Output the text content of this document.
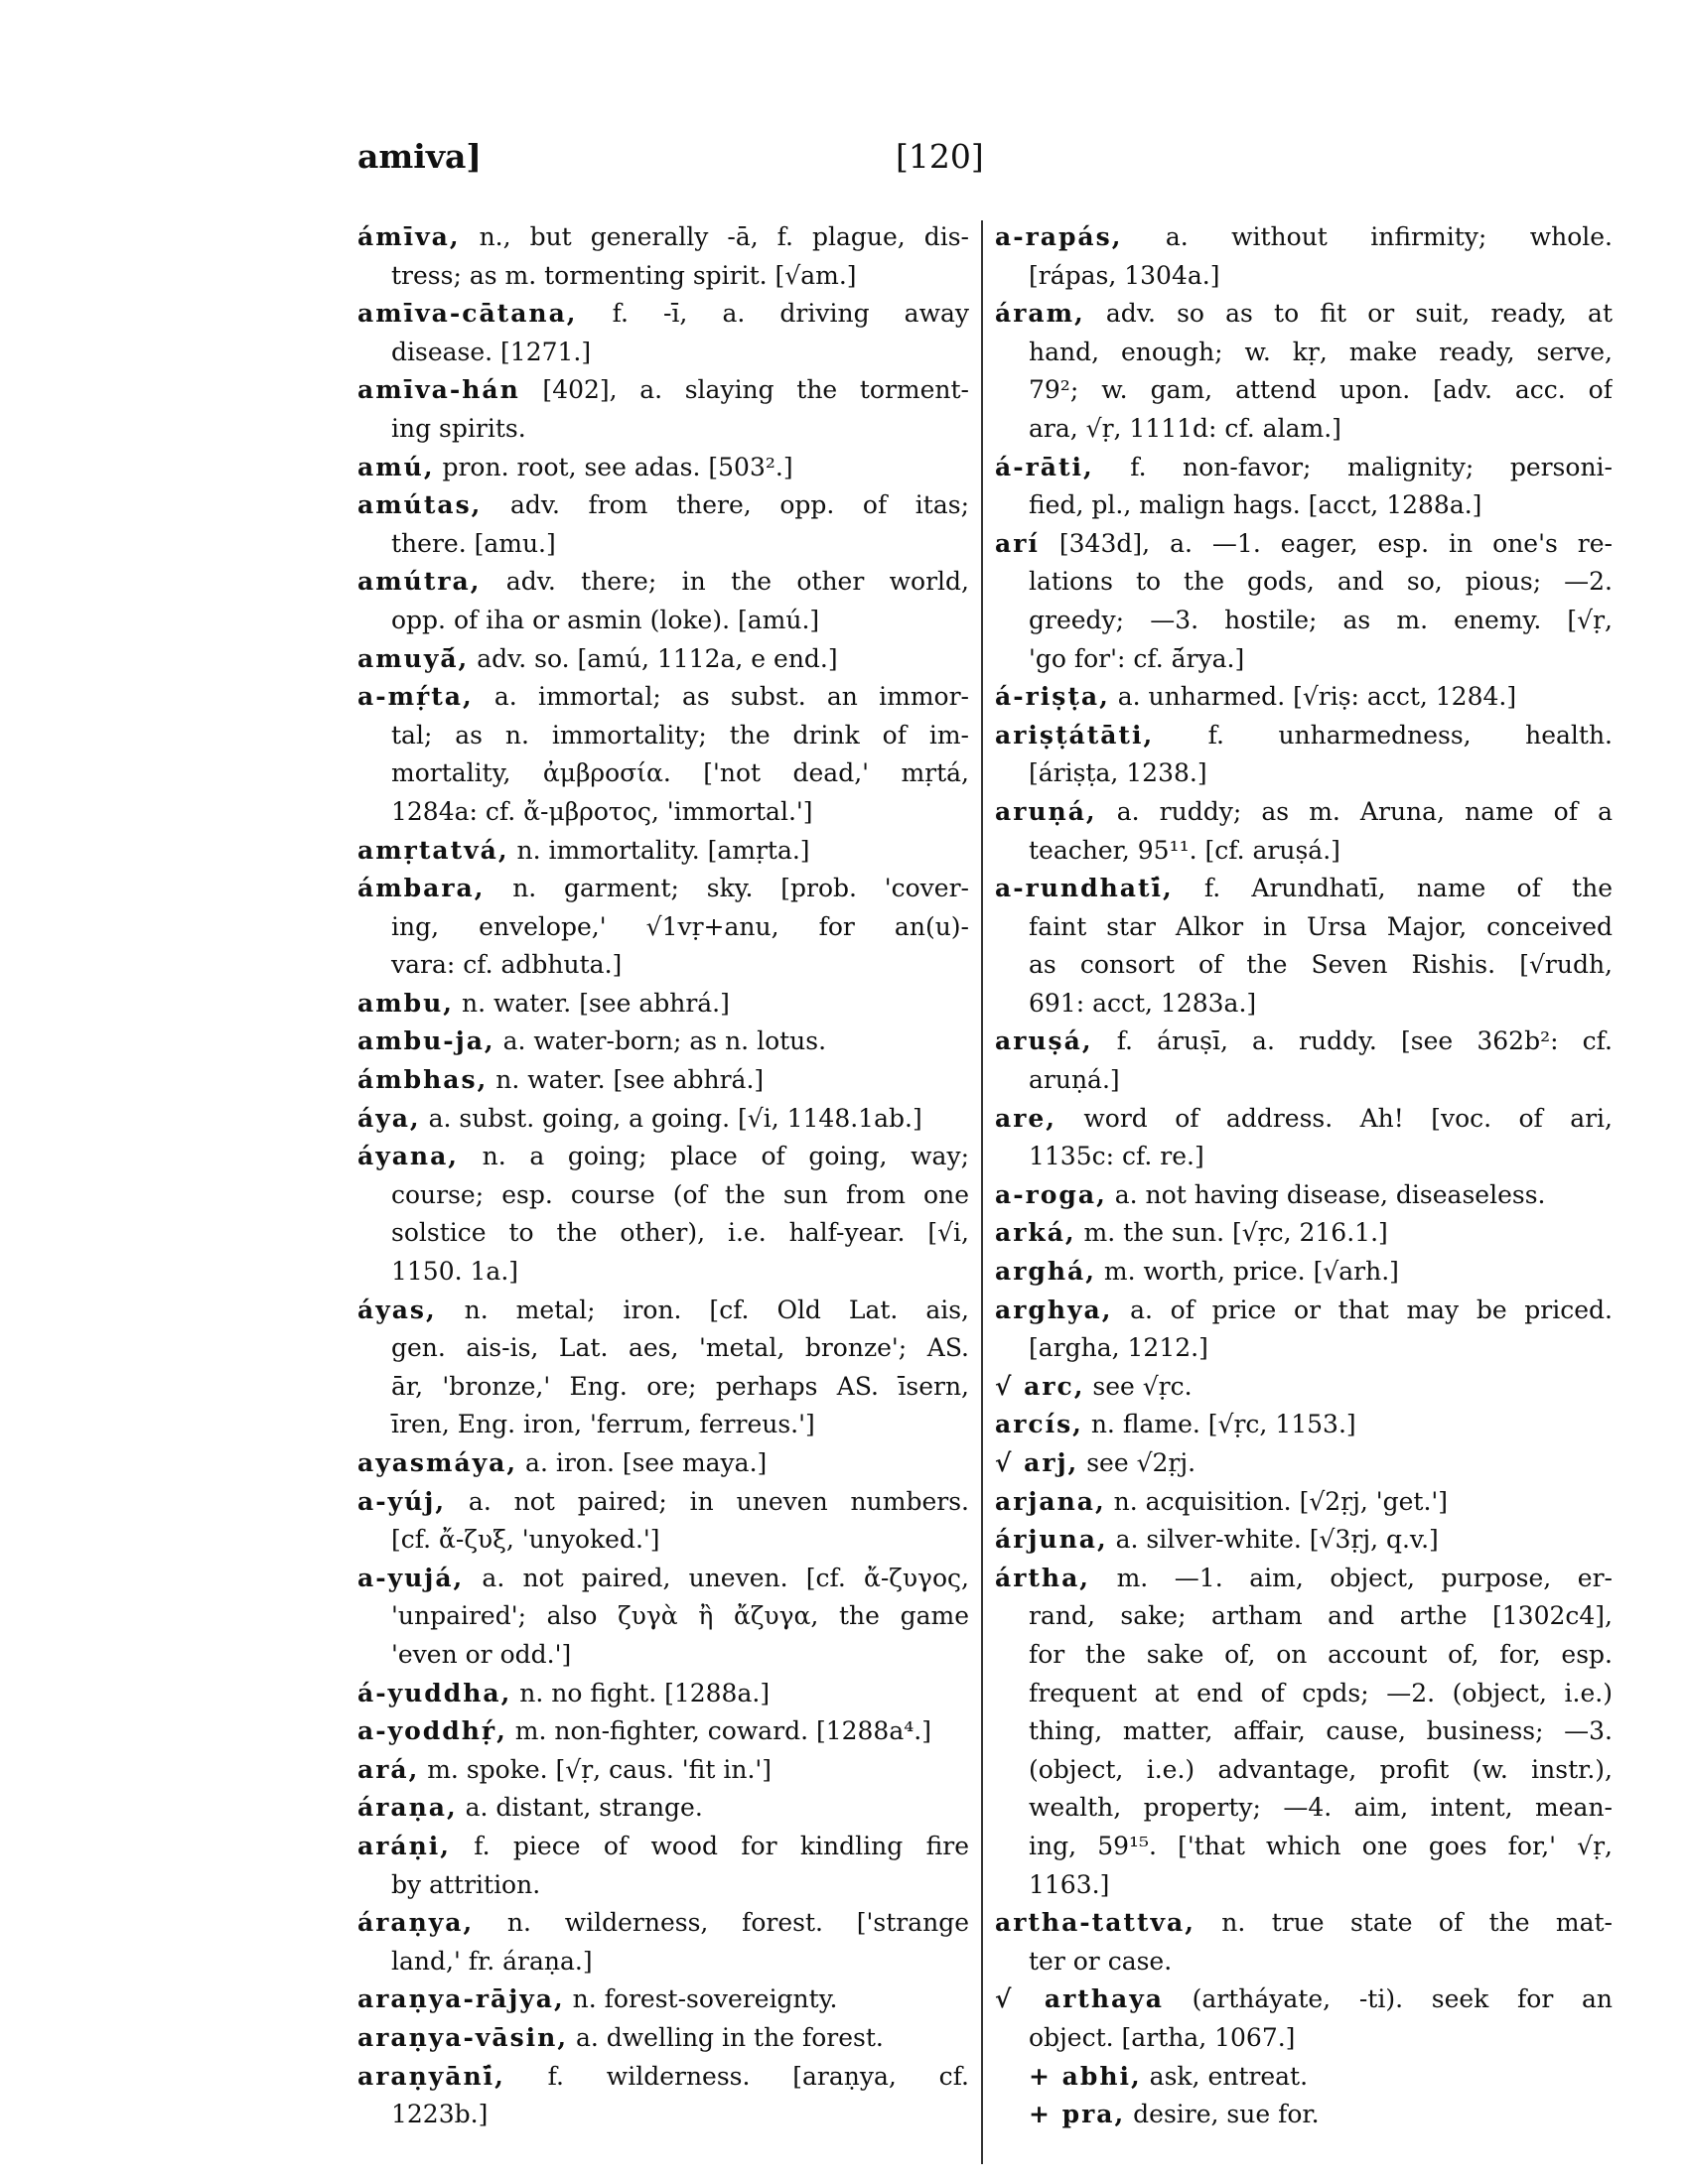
amiva]	[120]
ámīva, n., but generally -ā, f. plague, dis-
tress; as m. tormenting spirit. [√am.]
amīva-cātana, f. -ī, a. driving away
disease. [1271.]
amīva-hán [402], a. slaying the torment-
ing spirits.
amú, pron. root, see adas. [503².]
amútas, adv. from there, opp. of itas;
there. [amu.]
amútra, adv. there; in the other world,
opp. of iha or asmin (loke). [amú.]
amuyā́, adv. so. [amú, 1112a, e end.]
a-mṛ́ta, a. immortal; as subst. an immor-
tal; as n. immortality; the drink of im-
mortality, ἀμβροσία. ['not dead,' mṛtá,
1284a: cf. ἄ-μβροτος, 'immortal.']
amṛtatvá, n. immortality. [amṛta.]
ámbara, n. garment; sky. [prob. 'cover-
ing, envelope,' √1vṛ+anu, for an(u)-
vara: cf. adbhuta.]
ambu, n. water. [see abhrá.]
ambu-ja, a. water-born; as n. lotus.
ámbhas, n. water. [see abhrá.]
áya, a. subst. going, a going. [√i, 1148.1ab.]
áyana, n. a going; place of going, way;
course; esp. course (of the sun from one
solstice to the other), i.e. half-year. [√i,
1150. 1a.]
áyas, n. metal; iron. [cf. Old Lat. ais,
gen. ais-is, Lat. aes, 'metal, bronze'; AS.
ār, 'bronze,' Eng. ore; perhaps AS. īsern,
īren, Eng. iron, 'ferrum, ferreus.']
ayasmáya, a. iron. [see maya.]
a-yúj, a. not paired; in uneven numbers.
[cf. ἄ-ζυξ, 'unyoked.']
a-yujá, a. not paired, uneven. [cf. ἄ-ζυγος,
'unpaired'; also ζυγὰ ἢ ἄζυγα, the game
'even or odd.']
á-yuddha, n. no fight. [1288a.]
a-yoddhṛ́, m. non-fighter, coward. [1288a⁴.]
ará, m. spoke. [√ṛ, caus. 'fit in.']
áraṇa, a. distant, strange.
aráṇi, f. piece of wood for kindling fire
by attrition.
áraṇya, n. wilderness, forest. ['strange
land,' fr. áraṇa.]
araṇya-rājya, n. forest-sovereignty.
araṇya-vāsin, a. dwelling in the forest.
araṇyānī́, f. wilderness. [araṇya, cf.
1223b.]
a-rapás, a. without infirmity; whole.
[rápas, 1304a.]
áram, adv. so as to fit or suit, ready, at
hand, enough; w. kṛ, make ready, serve,
79²; w. gam, attend upon. [adv. acc. of
ara, √ṛ, 1111d: cf. alam.]
á-rāti, f. non-favor; malignity; personi-
fied, pl., malign hags. [acct, 1288a.]
arí [343d], a. —1. eager, esp. in one's re-
lations to the gods, and so, pious; —2.
greedy; —3. hostile; as m. enemy. [√ṛ,
'go for': cf. ā́rya.]
á-riṣṭa, a. unharmed. [√riṣ: acct, 1284.]
ariṣṭátāti, f. unharmedness, health.
[áriṣṭa, 1238.]
aruṇá, a. ruddy; as m. Aruna, name of a
teacher, 95¹¹. [cf. aruṣá.]
a-rundhatī́, f. Arundhatī, name of the
faint star Alkor in Ursa Major, conceived
as consort of the Seven Rishis. [√rudh,
691: acct, 1283a.]
aruṣá, f. áruṣī, a. ruddy. [see 362b²: cf.
aruṇá.]
are, word of address. Ah! [voc. of ari,
1135c: cf. re.]
a-roga, a. not having disease, diseaseless.
arká, m. the sun. [√ṛc, 216.1.]
arghá, m. worth, price. [√arh.]
arghya, a. of price or that may be priced.
[argha, 1212.]
√ arc, see √ṛc.
arcís, n. flame. [√ṛc, 1153.]
√ arj, see √2ṛj.
arjana, n. acquisition. [√2ṛj, 'get.']
árjuna, a. silver-white. [√3ṛj, q.v.]
ártha, m. —1. aim, object, purpose, er-
rand, sake; artham and arthe [1302c4],
for the sake of, on account of, for, esp.
frequent at end of cpds; —2. (object, i.e.)
thing, matter, affair, cause, business; —3.
(object, i.e.) advantage, profit (w. instr.),
wealth, property; —4. aim, intent, mean-
ing, 59¹⁵. ['that which one goes for,' √ṛ,
1163.]
artha-tattva, n. true state of the mat-
ter or case.
√ arthaya (artháyate, -ti). seek for an
object. [artha, 1067.]
+ abhi, ask, entreat.
+ pra, desire, sue for.
